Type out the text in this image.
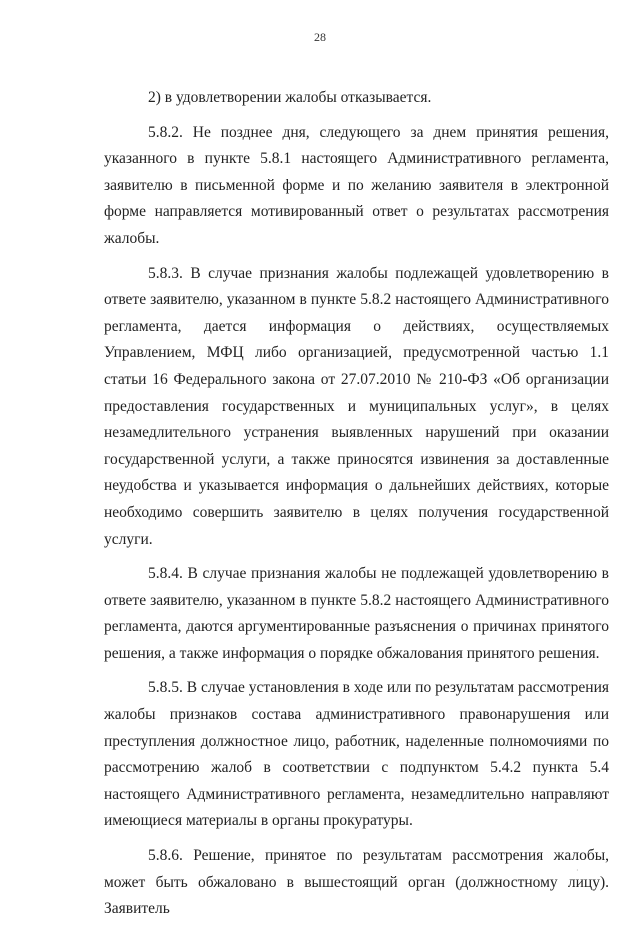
28

2) в удовлетворении жалобы отказывается.

5.8.2. Не позднее дня, следующего за днем принятия решения, указанного в пункте 5.8.1 настоящего Административного регламента, заявителю в письменной форме и по желанию заявителя в электронной форме направляется мотивированный ответ о результатах рассмотрения жалобы.

5.8.3. В случае признания жалобы подлежащей удовлетворению в ответе заявителю, указанном в пункте 5.8.2 настоящего Административного регламента, дается информация о действиях, осуществляемых Управлением, МФЦ либо организацией, предусмотренной частью 1.1 статьи 16 Федерального закона от 27.07.2010 № 210-ФЗ «Об организации предоставления государственных и муниципальных услуг», в целях незамедлительного устранения выявленных нарушений при оказании государственной услуги, а также приносятся извинения за доставленные неудобства и указывается информация о дальнейших действиях, которые необходимо совершить заявителю в целях получения государственной услуги.

5.8.4. В случае признания жалобы не подлежащей удовлетворению в ответе заявителю, указанном в пункте 5.8.2 настоящего Административного регламента, даются аргументированные разъяснения о причинах принятого решения, а также информация о порядке обжалования принятого решения.

5.8.5. В случае установления в ходе или по результатам рассмотрения жалобы признаков состава административного правонарушения или преступления должностное лицо, работник, наделенные полномочиями по рассмотрению жалоб в соответствии с подпунктом 5.4.2 пункта 5.4 настоящего Административного регламента, незамедлительно направляют имеющиеся материалы в органы прокуратуры.

5.8.6. Решение, принятое по результатам рассмотрения жалобы, может быть обжаловано в вышестоящий орган (должностному лицу). Заявитель

·
